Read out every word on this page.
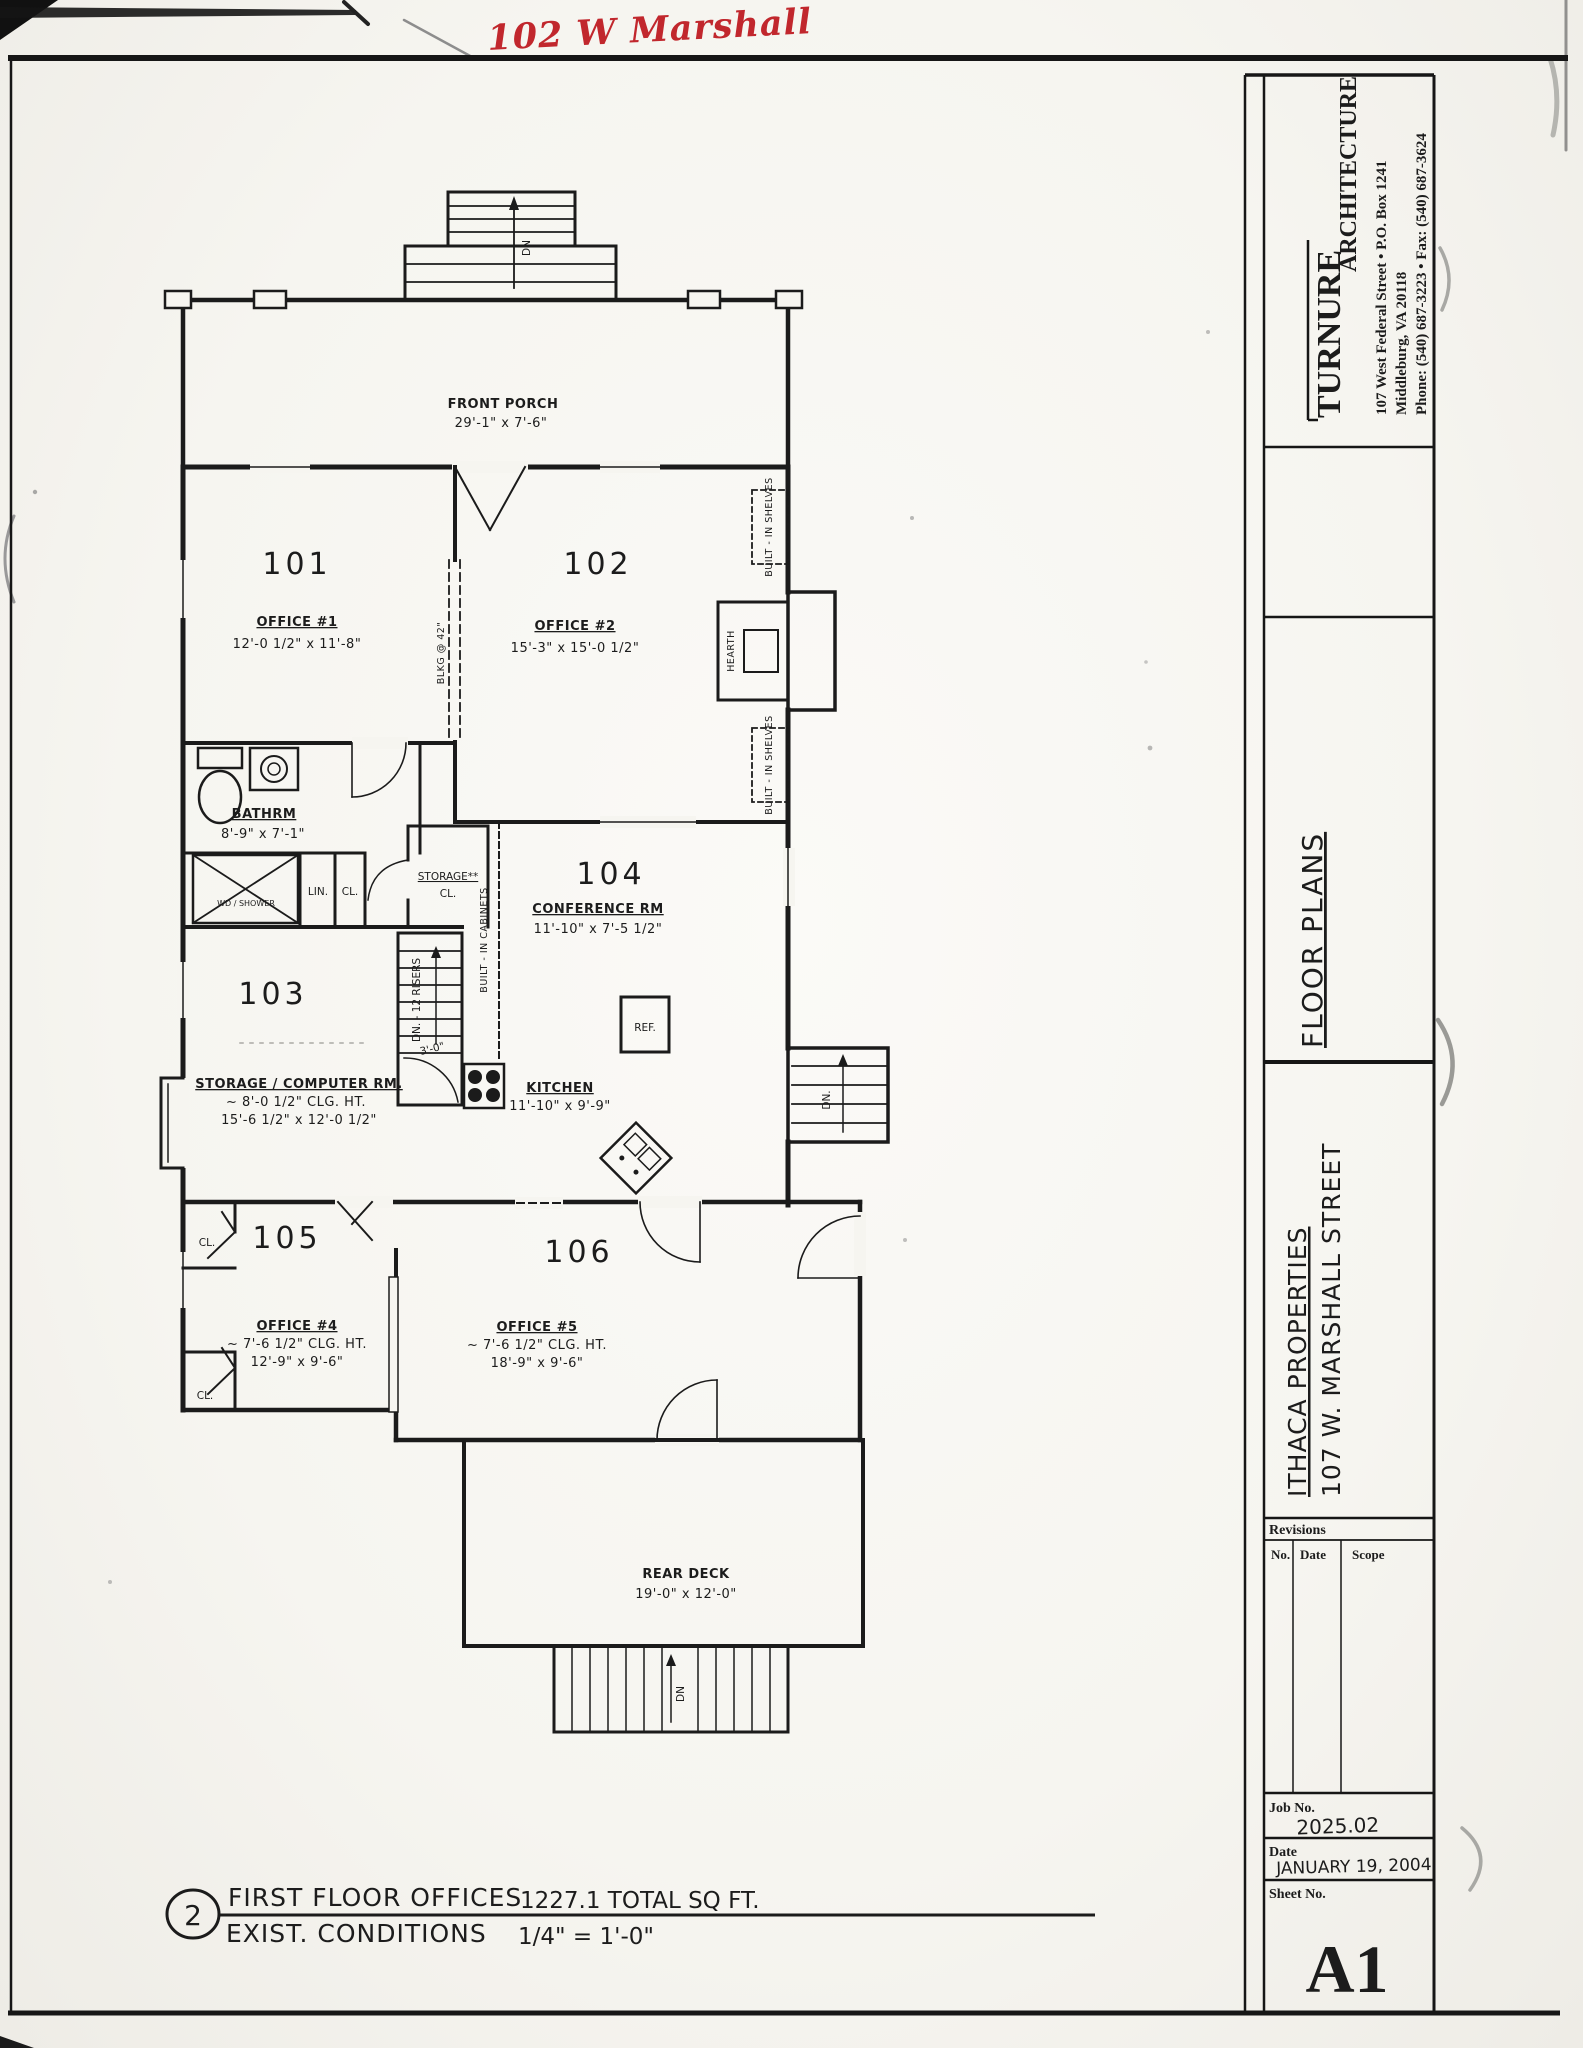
102 W Marshall
TURNURE
ARCHITECTURE 107 West Federal Street • P.O. Box 1241 Middleburg, VA 20118 Phone: (540) 687-3223 • Fax: (540) 687-3624
FLOOR PLANS
ITHACA PROPERTIES 107 W. MARSHALL STREET
Revisions
No. Date Scope
Job No.
2025.02
Date
JANUARY 19, 2004
Sheet No.
A1
FRONT PORCH
29'-1" x 7'-6"
DN
101
OFFICE #1
12'-0 1/2" x 11'-8"
102
OFFICE #2
15'-3" x 15'-0 1/2"
BLKG @ 42"
BUILT - IN SHELVES
BUILT - IN SHELVES
HEARTH
BATHRM
8'-9" x 7'-1"
WD / SHOWER
LIN. CL.
STORAGE**
CL. BUILT - IN CABINETS
104
CONFERENCE RM
11'-10" x 7'-5 1/2"
103
STORAGE / COMPUTER RM.
~ 8'-0 1/2" CLG. HT.
15'-6 1/2" x 12'-0 1/2"
DN. - 12 RISERS
3'-0"
KITCHEN
11'-10" x 9'-9"
REF.
DN.
105
OFFICE #4
~ 7'-6 1/2" CLG. HT.
12'-9" x 9'-6"
CL.
CL.
106
OFFICE #5
~ 7'-6 1/2" CLG. HT.
18'-9" x 9'-6"
REAR DECK
19'-0" x 12'-0"
DN
2
FIRST FLOOR OFFICES
EXIST. CONDITIONS
1227.1 TOTAL SQ FT.
1/4" = 1'-0"
